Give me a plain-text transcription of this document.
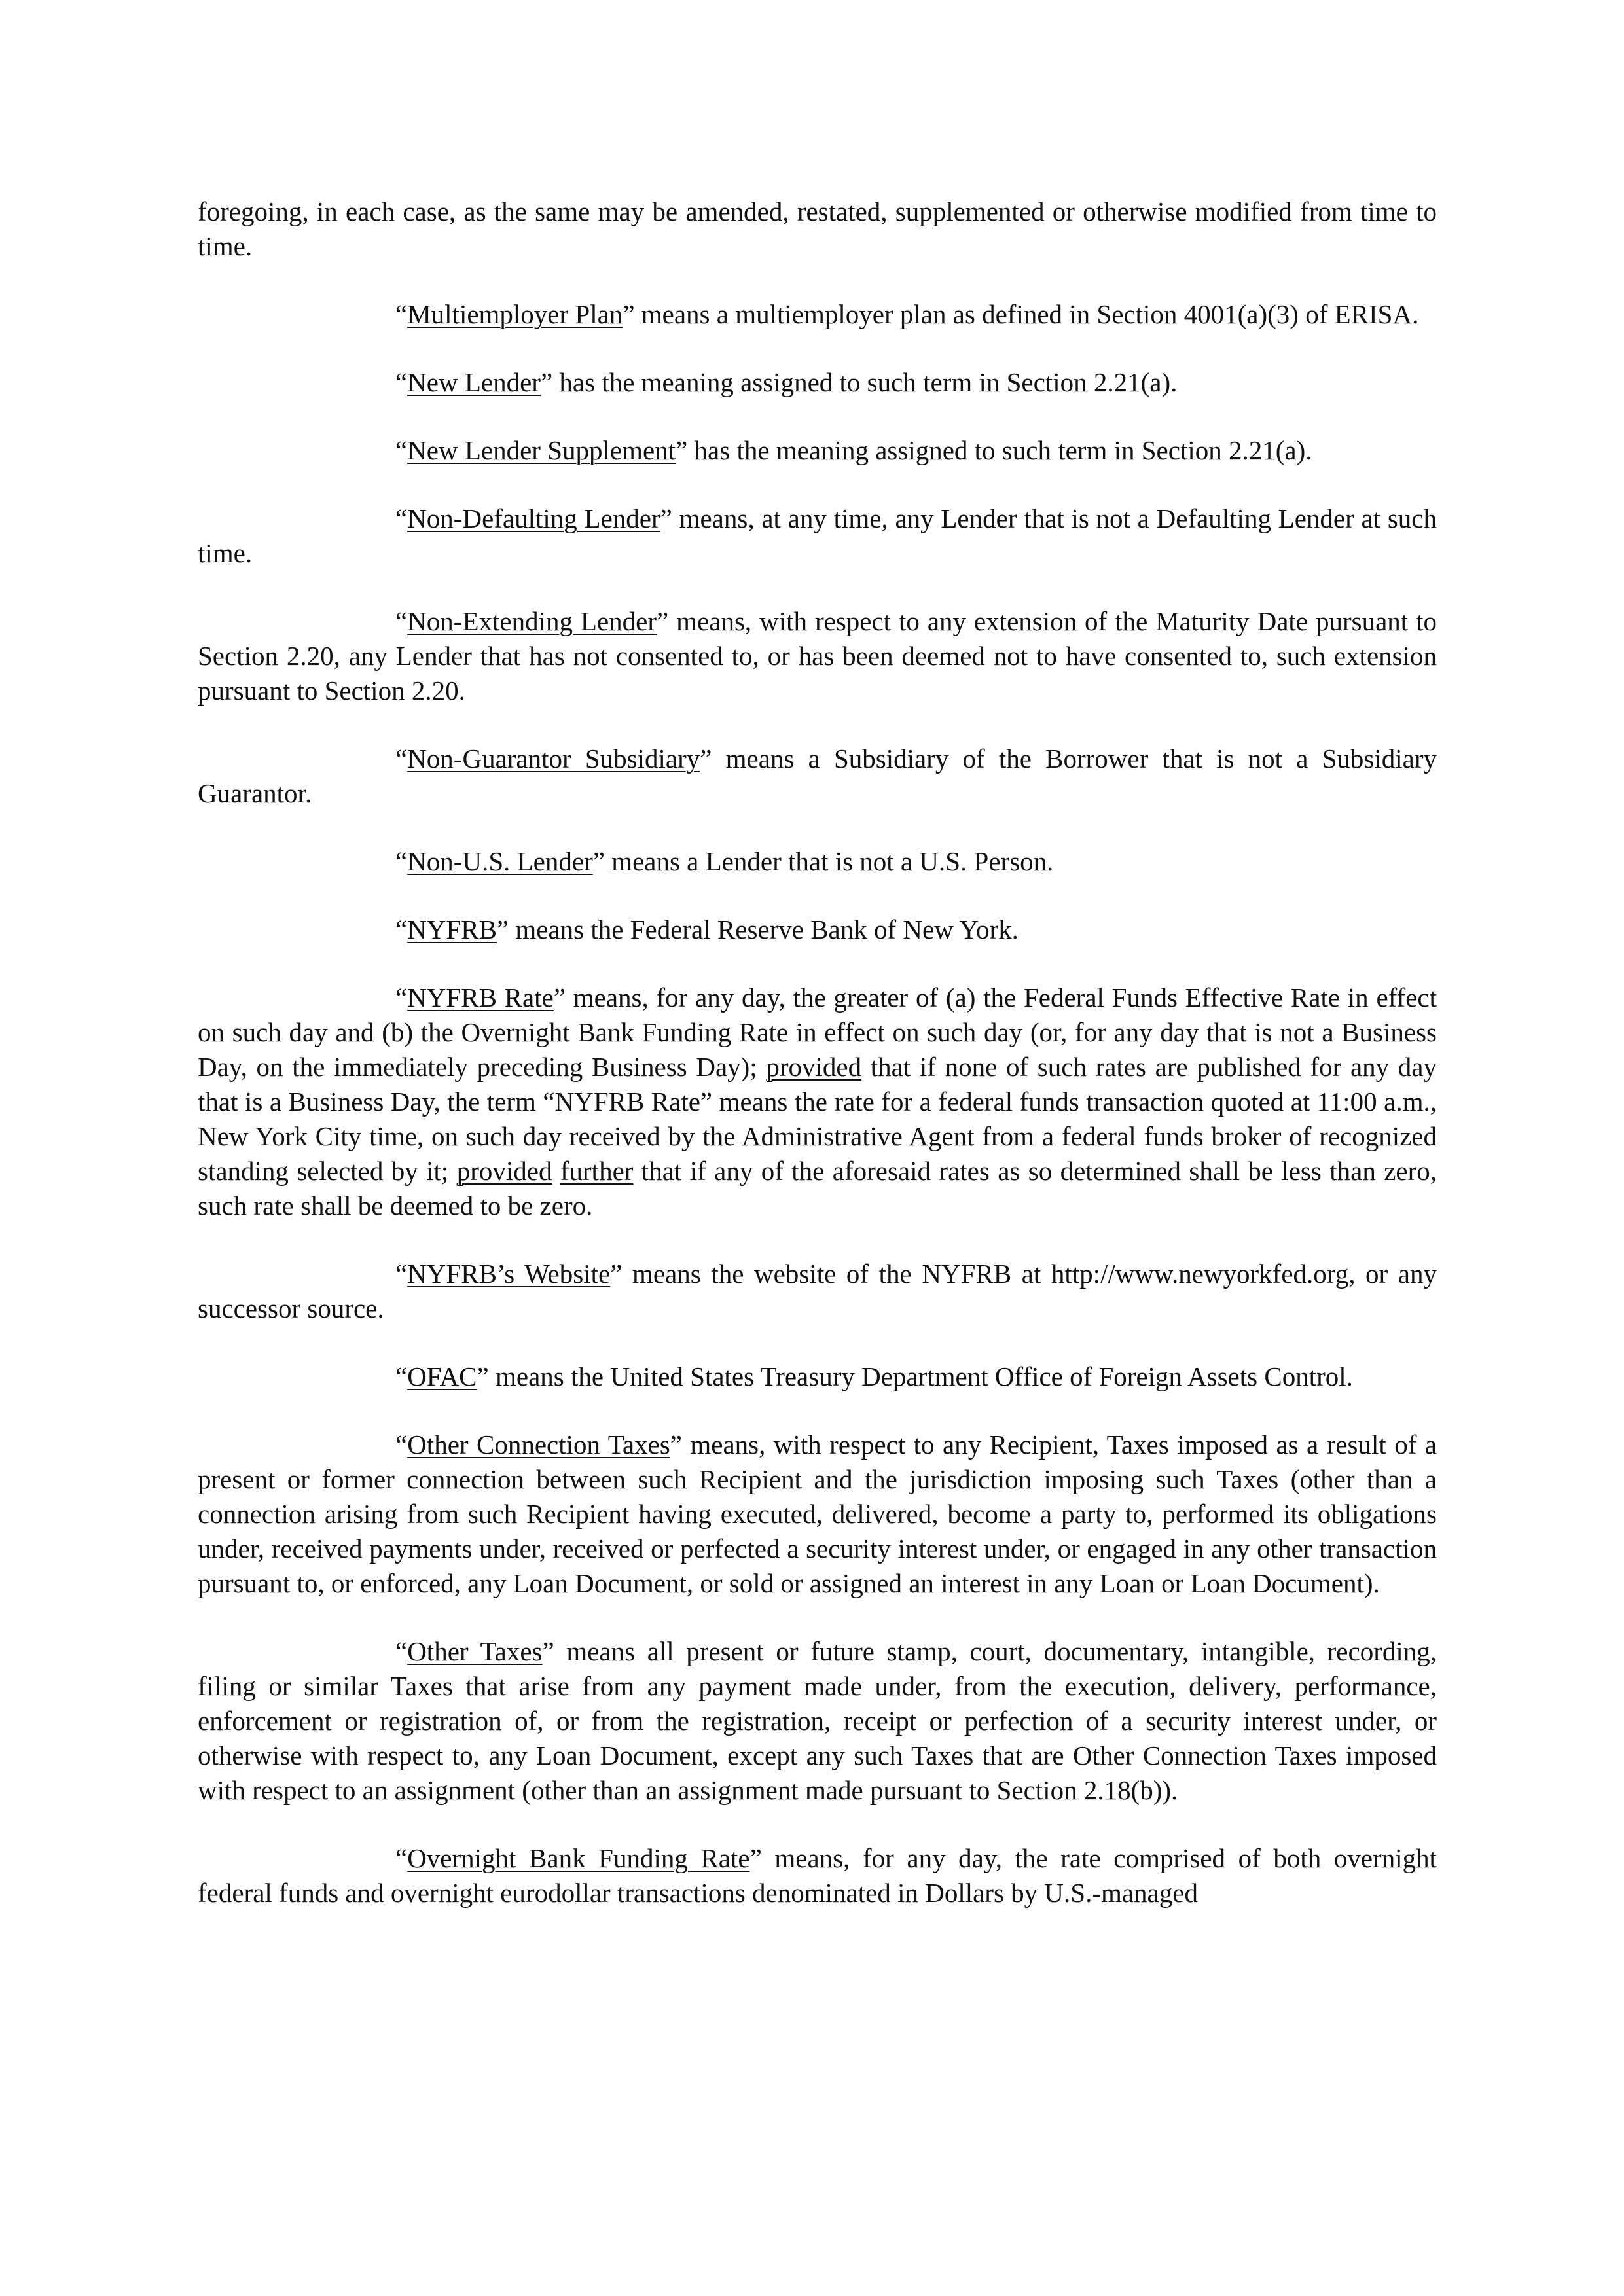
foregoing, in each case, as the same may be amended, restated, supplemented or otherwise modified from time to time.

“Multiemployer Plan” means a multiemployer plan as defined in Section 4001(a)(3) of ERISA.

“New Lender” has the meaning assigned to such term in Section 2.21(a).

“New Lender Supplement” has the meaning assigned to such term in Section 2.21(a).

“Non-Defaulting Lender” means, at any time, any Lender that is not a Defaulting Lender at such time.

“Non-Extending Lender” means, with respect to any extension of the Maturity Date pursuant to Section 2.20, any Lender that has not consented to, or has been deemed not to have consented to, such extension pursuant to Section 2.20.

“Non-Guarantor Subsidiary” means a Subsidiary of the Borrower that is not a Subsidiary Guarantor.

“Non-U.S. Lender” means a Lender that is not a U.S. Person.

“NYFRB” means the Federal Reserve Bank of New York.

“NYFRB Rate” means, for any day, the greater of (a) the Federal Funds Effective Rate in effect on such day and (b) the Overnight Bank Funding Rate in effect on such day (or, for any day that is not a Business Day, on the immediately preceding Business Day); provided that if none of such rates are published for any day that is a Business Day, the term “NYFRB Rate” means the rate for a federal funds transaction quoted at 11:00 a.m., New York City time, on such day received by the Administrative Agent from a federal funds broker of recognized standing selected by it; provided further that if any of the aforesaid rates as so determined shall be less than zero, such rate shall be deemed to be zero.

“NYFRB’s Website” means the website of the NYFRB at http://www.newyorkfed.org, or any successor source.

“OFAC” means the United States Treasury Department Office of Foreign Assets Control.

“Other Connection Taxes” means, with respect to any Recipient, Taxes imposed as a result of a present or former connection between such Recipient and the jurisdiction imposing such Taxes (other than a connection arising from such Recipient having executed, delivered, become a party to, performed its obligations under, received payments under, received or perfected a security interest under, or engaged in any other transaction pursuant to, or enforced, any Loan Document, or sold or assigned an interest in any Loan or Loan Document).

“Other Taxes” means all present or future stamp, court, documentary, intangible, recording, filing or similar Taxes that arise from any payment made under, from the execution, delivery, performance, enforcement or registration of, or from the registration, receipt or perfection of a security interest under, or otherwise with respect to, any Loan Document, except any such Taxes that are Other Connection Taxes imposed with respect to an assignment (other than an assignment made pursuant to Section 2.18(b)).

“Overnight Bank Funding Rate” means, for any day, the rate comprised of both overnight federal funds and overnight eurodollar transactions denominated in Dollars by U.S.-managed
